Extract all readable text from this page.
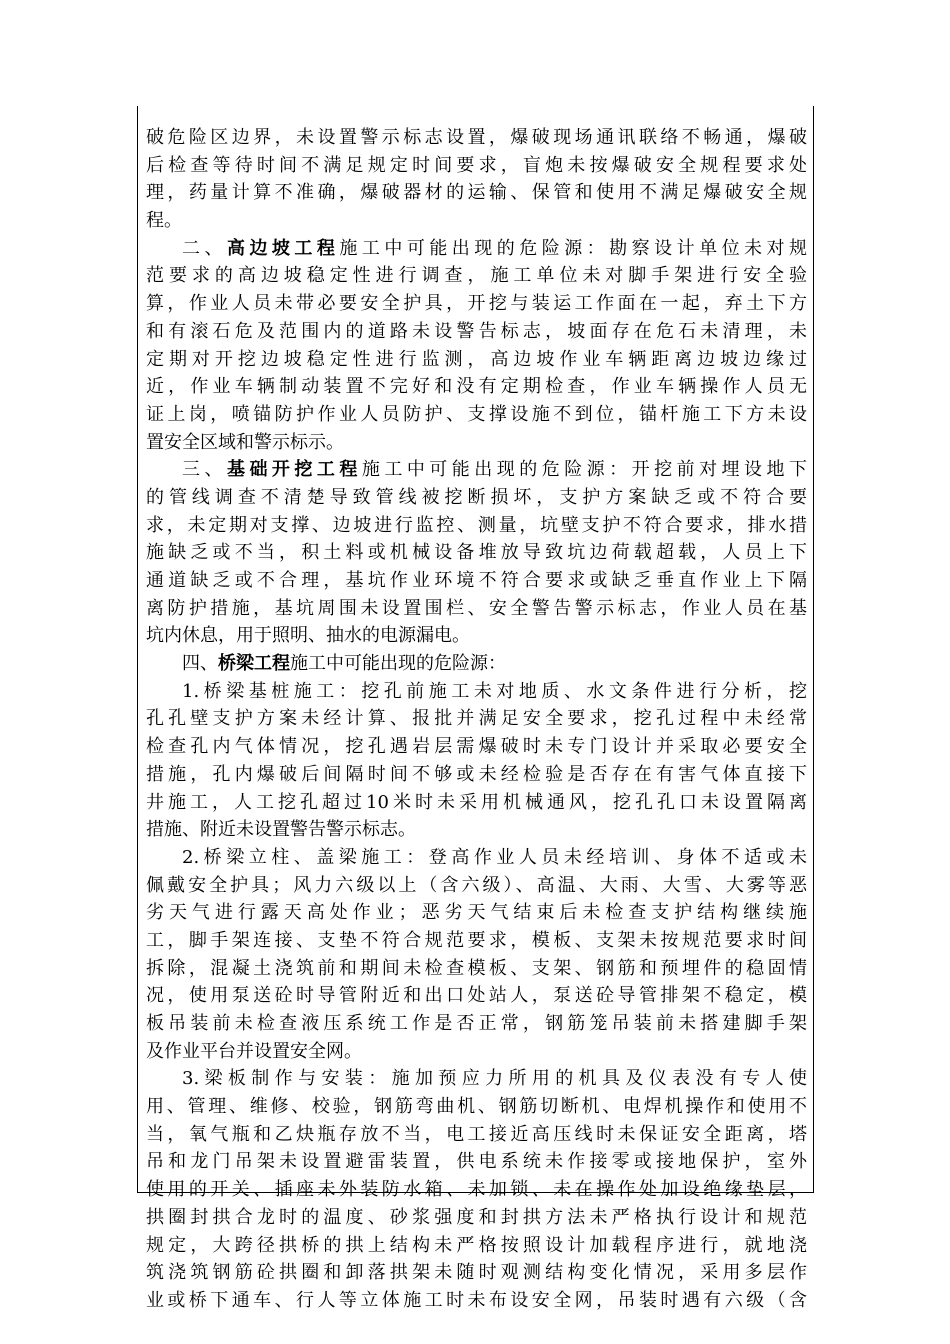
破危险区边界，未设置警示标志设置，爆破现场通讯联络不畅通，爆破
后检查等待时间不满足规定时间要求，盲炮未按爆破安全规程要求处
理，药量计算不准确，爆破器材的运输、保管和使用不满足爆破安全规
程。
二、高边坡工程施工中可能出现的危险源：勘察设计单位未对规
范要求的高边坡稳定性进行调查，施工单位未对脚手架进行安全验
算，作业人员未带必要安全护具，开挖与装运工作面在一起，弃土下方
和有滚石危及范围内的道路未设警告标志，坡面存在危石未清理，未
定期对开挖边坡稳定性进行监测，高边坡作业车辆距离边坡边缘过
近，作业车辆制动装置不完好和没有定期检查，作业车辆操作人员无
证上岗，喷锚防护作业人员防护、支撑设施不到位，锚杆施工下方未设
置安全区域和警示标示。
三、基础开挖工程施工中可能出现的危险源：开挖前对埋设地下
的管线调查不清楚导致管线被挖断损坏，支护方案缺乏或不符合要
求，未定期对支撑、边坡进行监控、测量，坑壁支护不符合要求，排水措
施缺乏或不当，积土料或机械设备堆放导致坑边荷载超载，人员上下
通道缺乏或不合理，基坑作业环境不符合要求或缺乏垂直作业上下隔
离防护措施，基坑周围未设置围栏、安全警告警示标志，作业人员在基
坑内休息，用于照明、抽水的电源漏电。
四、桥梁工程施工中可能出现的危险源：
1.桥梁基桩施工：挖孔前施工未对地质、水文条件进行分析，挖
孔孔壁支护方案未经计算、报批并满足安全要求，挖孔过程中未经常
检查孔内气体情况，挖孔遇岩层需爆破时未专门设计并采取必要安全
措施，孔内爆破后间隔时间不够或未经检验是否存在有害气体直接下
井施工，人工挖孔超过10米时未采用机械通风，挖孔孔口未设置隔离
措施、附近未设置警告警示标志。
2.桥梁立柱、盖梁施工：登高作业人员未经培训、身体不适或未
佩戴安全护具；风力六级以上（含六级）、高温、大雨、大雪、大雾等恶
劣天气进行露天高处作业；恶劣天气结束后未检查支护结构继续施
工，脚手架连接、支垫不符合规范要求，模板、支架未按规范要求时间
拆除，混凝土浇筑前和期间未检查模板、支架、钢筋和预埋件的稳固情
况，使用泵送砼时导管附近和出口处站人，泵送砼导管排架不稳定，模
板吊装前未检查液压系统工作是否正常，钢筋笼吊装前未搭建脚手架
及作业平台并设置安全网。
3.梁板制作与安装：施加预应力所用的机具及仪表没有专人使
用、管理、维修、校验，钢筋弯曲机、钢筋切断机、电焊机操作和使用不
当，氧气瓶和乙炔瓶存放不当，电工接近高压线时未保证安全距离，塔
吊和龙门吊架未设置避雷装置，供电系统未作接零或接地保护，室外
使用的开关、插座未外装防水箱、未加锁、未在操作处加设绝缘垫层，
拱圈封拱合龙时的温度、砂浆强度和封拱方法未严格执行设计和规范
规定，大跨径拱桥的拱上结构未严格按照设计加载程序进行，就地浇
筑浇筑钢筋砼拱圈和卸落拱架未随时观测结构变化情况，采用多层作
业或桥下通车、行人等立体施工时未布设安全网，吊装时遇有六级（含
